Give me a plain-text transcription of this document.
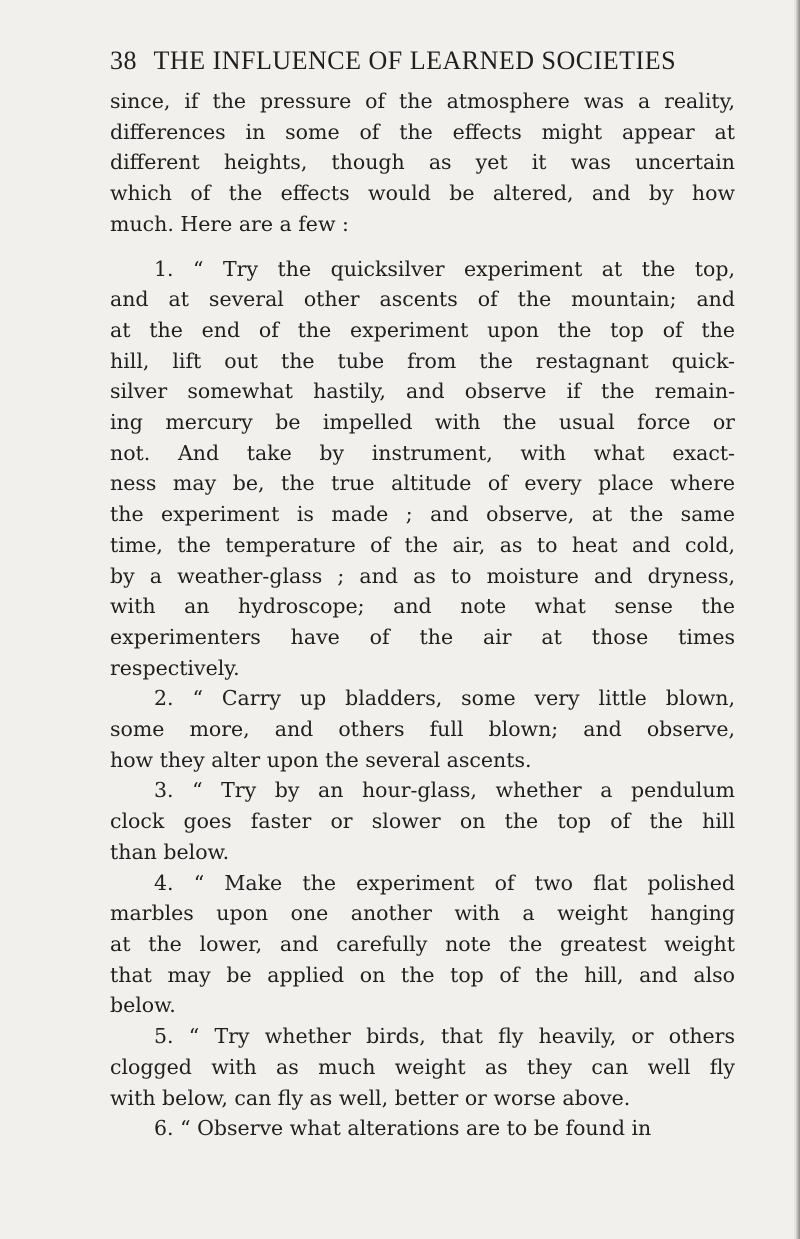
38 THE INFLUENCE OF LEARNED SOCIETIES
since, if the pressure of the atmosphere was a reality,
differences in some of the effects might appear at
different heights, though as yet it was uncertain
which of the effects would be altered, and by how
much. Here are a few :
1. “ Try the quicksilver experiment at the top,
and at several other ascents of the mountain; and
at the end of the experiment upon the top of the
hill, lift out the tube from the restagnant quick-
silver somewhat hastily, and observe if the remain-
ing mercury be impelled with the usual force or
not. And take by instrument, with what exact-
ness may be, the true altitude of every place where
the experiment is made ; and observe, at the same
time, the temperature of the air, as to heat and cold,
by a weather-glass ; and as to moisture and dryness,
with an hydroscope; and note what sense the
experimenters have of the air at those times
respectively.
2. “ Carry up bladders, some very little blown,
some more, and others full blown; and observe,
how they alter upon the several ascents.
3. “ Try by an hour-glass, whether a pendulum
clock goes faster or slower on the top of the hill
than below.
4. “ Make the experiment of two flat polished
marbles upon one another with a weight hanging
at the lower, and carefully note the greatest weight
that may be applied on the top of the hill, and also
below.
5. “ Try whether birds, that fly heavily, or others
clogged with as much weight as they can well fly
with below, can fly as well, better or worse above.
6. “ Observe what alterations are to be found in
